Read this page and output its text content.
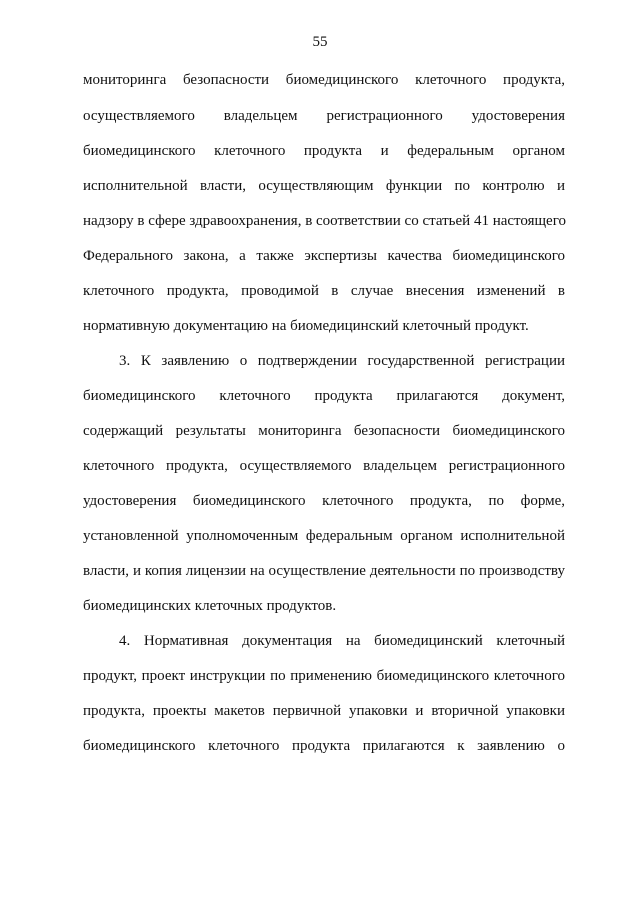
55
мониторинга безопасности биомедицинского клеточного продукта,
осуществляемого владельцем регистрационного удостоверения
биомедицинского клеточного продукта и федеральным органом
исполнительной власти, осуществляющим функции по контролю и
надзору в сфере здравоохранения, в соответствии со статьей 41 настоящего
Федерального закона, а также экспертизы качества биомедицинского
клеточного продукта, проводимой в случае внесения изменений в
нормативную документацию на биомедицинский клеточный продукт.
3. К заявлению о подтверждении государственной регистрации
биомедицинского клеточного продукта прилагаются документ,
содержащий результаты мониторинга безопасности биомедицинского
клеточного продукта, осуществляемого владельцем регистрационного
удостоверения биомедицинского клеточного продукта, по форме,
установленной уполномоченным федеральным органом исполнительной
власти, и копия лицензии на осуществление деятельности по производству
биомедицинских клеточных продуктов.
4. Нормативная документация на биомедицинский клеточный
продукт, проект инструкции по применению биомедицинского клеточного
продукта, проекты макетов первичной упаковки и вторичной упаковки
биомедицинского клеточного продукта прилагаются к заявлению о
